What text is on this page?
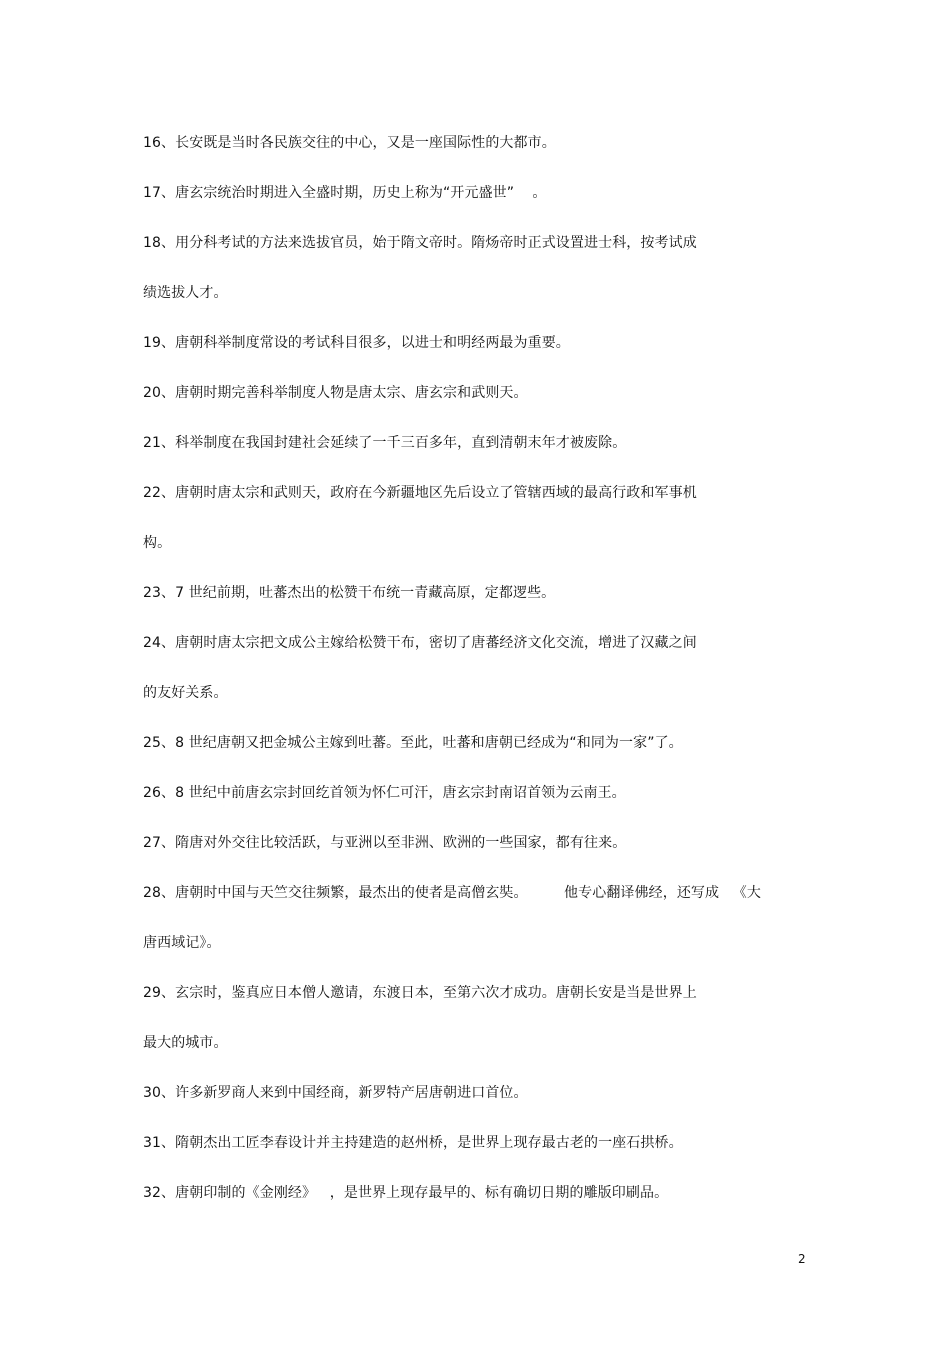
16、长安既是当时各民族交往的中心，又是一座国际性的大都市。
17、唐玄宗统治时期进入全盛时期，历史上称为“开元盛世”    。
18、用分科考试的方法来选拔官员，始于隋文帝时。隋炀帝时正式设置进士科，按考试成
绩选拔人才。
19、唐朝科举制度常设的考试科目很多，以进士和明经两最为重要。
20、唐朝时期完善科举制度人物是唐太宗、唐玄宗和武则天。
21、科举制度在我国封建社会延续了一千三百多年，直到清朝末年才被废除。
22、唐朝时唐太宗和武则天，政府在今新疆地区先后设立了管辖西域的最高行政和军事机
构。
23、7 世纪前期，吐蕃杰出的松赞干布统一青藏高原，定都逻些。
24、唐朝时唐太宗把文成公主嫁给松赞干布，密切了唐蕃经济文化交流，增进了汉藏之间
的友好关系。
25、8 世纪唐朝又把金城公主嫁到吐蕃。至此，吐蕃和唐朝已经成为“和同为一家”了。
26、8 世纪中前唐玄宗封回纥首领为怀仁可汗，唐玄宗封南诏首领为云南王。
27、隋唐对外交往比较活跃，与亚洲以至非洲、欧洲的一些国家，都有往来。
28、唐朝时中国与天竺交往频繁，最杰出的使者是高僧玄奘。        他专心翻译佛经，还写成   《大
唐西域记》。
29、玄宗时，鉴真应日本僧人邀请，东渡日本，至第六次才成功。唐朝长安是当是世界上
最大的城市。
30、许多新罗商人来到中国经商，新罗特产居唐朝进口首位。
31、隋朝杰出工匠李春设计并主持建造的赵州桥，是世界上现存最古老的一座石拱桥。
32、唐朝印制的《金刚经》   ，是世界上现存最早的、标有确切日期的雕版印刷品。
2
